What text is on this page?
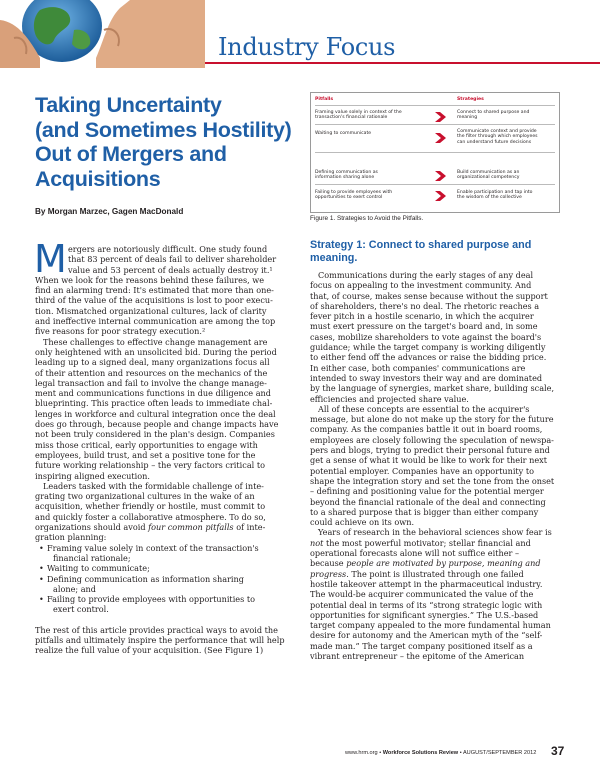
Industry Focus
Taking Uncertainty
(and Sometimes Hostility)
Out of Mergers and
Acquisitions
By Morgan Marzec, Gagen MacDonald
Pitfalls	Strategies
Framing value solely in context of the
transaction's financial rationale
Connect to shared purpose and
meaning
Waiting to communicate	Communicate context and provide
the filter through which employees
can understand future decisions
Defining communication as
information sharing alone
Build communication as an
organizational competency
Failing to provide employees with
opportunities to exert control
Enable participation and tap into
the wisdom of the collective
Figure 1. Strategies to Avoid the Pitfalls.
M ergers are notoriously difficult. One study found
that 83 percent of deals fail to deliver shareholder
value and 53 percent of deals actually destroy it.¹
When we look for the reasons behind these failures, we
find an alarming trend: It's estimated that more than one-
third of the value of the acquisitions is lost to poor execu-
tion. Mismatched organizational cultures, lack of clarity
and ineffective internal communication are among the top
five reasons for poor strategy execution.²
These challenges to effective change management are
only heightened with an unsolicited bid. During the period
leading up to a signed deal, many organizations focus all
of their attention and resources on the mechanics of the
legal transaction and fail to involve the change manage-
ment and communications functions in due diligence and
blueprinting. This practice often leads to immediate chal-
lenges in workforce and cultural integration once the deal
does go through, because people and change impacts have
not been truly considered in the plan's design. Companies
miss those critical, early opportunities to engage with
employees, build trust, and set a positive tone for the
future working relationship – the very factors critical to
inspiring aligned execution.
Leaders tasked with the formidable challenge of inte-
grating two organizational cultures in the wake of an
acquisition, whether friendly or hostile, must commit to
and quickly foster a collaborative atmosphere. To do so,
organizations should avoid four common pitfalls of inte-
gration planning:
• Framing value solely in context of the transaction's
financial rationale;
• Waiting to communicate;
• Defining communication as information sharing
alone; and
• Failing to provide employees with opportunities to
exert control.
The rest of this article provides practical ways to avoid the
pitfalls and ultimately inspire the performance that will help
realize the full value of your acquisition. (See Figure 1)
Strategy 1: Connect to shared purpose and
meaning.
Communications during the early stages of any deal
focus on appealing to the investment community. And
that, of course, makes sense because without the support
of shareholders, there's no deal. The rhetoric reaches a
fever pitch in a hostile scenario, in which the acquirer
must exert pressure on the target's board and, in some
cases, mobilize shareholders to vote against the board's
guidance; while the target company is working diligently
to either fend off the advances or raise the bidding price.
In either case, both companies' communications are
intended to sway investors their way and are dominated
by the language of synergies, market share, building scale,
efficiencies and projected share value.
All of these concepts are essential to the acquirer's
message, but alone do not make up the story for the future
company. As the companies battle it out in board rooms,
employees are closely following the speculation of newspa-
pers and blogs, trying to predict their personal future and
get a sense of what it would be like to work for their next
potential employer. Companies have an opportunity to
shape the integration story and set the tone from the onset
– defining and positioning value for the potential merger
beyond the financial rationale of the deal and connecting
to a shared purpose that is bigger than either company
could achieve on its own.
Years of research in the behavioral sciences show fear is
not the most powerful motivator; stellar financial and
operational forecasts alone will not suffice either –
because people are motivated by purpose, meaning and
progress. The point is illustrated through one failed
hostile takeover attempt in the pharmaceutical industry.
The would-be acquirer communicated the value of the
potential deal in terms of its “strong strategic logic with
opportunities for significant synergies.” The U.S.-based
target company appealed to the more fundamental human
desire for autonomy and the American myth of the “self-
made man.” The target company positioned itself as a
vibrant entrepreneur – the epitome of the American
www.hrm.org • Workforce Solutions Review • AUGUST/SEPTEMBER 2012 37
